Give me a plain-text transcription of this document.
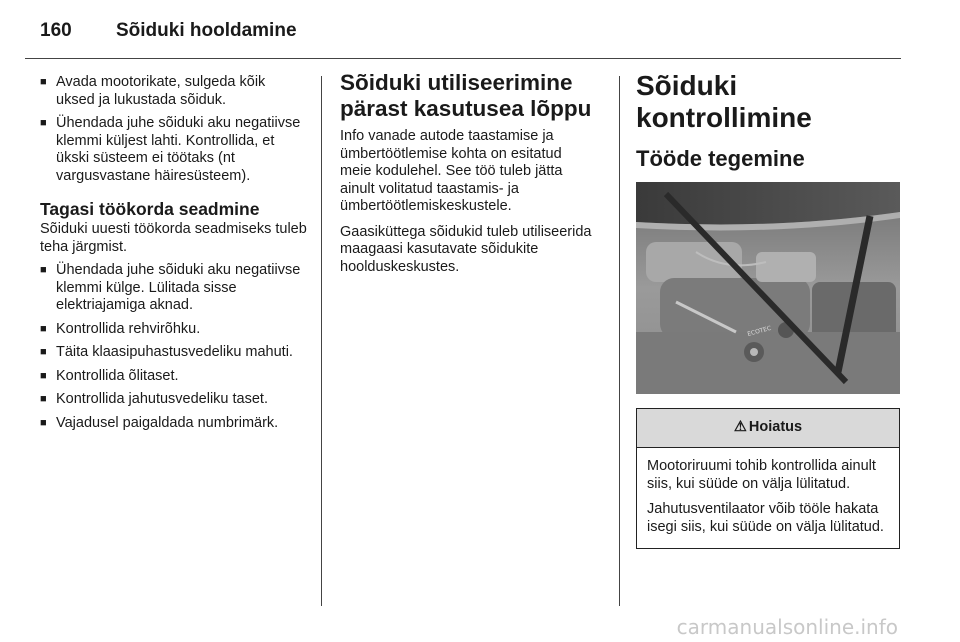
160	Sõiduki hooldamine
■ Avada mootorikate, sulgeda kõik uksed ja lukustada sõiduk.
■ Ühendada juhe sõiduki aku negatiivse klemmi küljest lahti. Kontrollida, et ükski süsteem ei töötaks (nt vargusvastane häiresüsteem).
Tagasi töökorda seadmine
Sõiduki uuesti töökorda seadmiseks tuleb teha järgmist.
■ Ühendada juhe sõiduki aku negatiivse klemmi külge. Lülitada sisse elektriajamiga aknad.
■ Kontrollida rehvirõhku.
■ Täita klaasipuhastusvedeliku mahuti.
■ Kontrollida õlitaset.
■ Kontrollida jahutusvedeliku taset.
■ Vajadusel paigaldada numbrimärk.
Sõiduki utiliseerimine pärast kasutusea lõppu
Info vanade autode taastamise ja ümbertöötlemise kohta on esitatud meie kodulehel. See töö tuleb jätta ainult volitatud taastamis- ja ümbertöötlemiskeskustele.
Gaasiküttega sõidukid tuleb utiliseerida maagaasi kasutavate sõidukite hoolduskeskustes.
Sõiduki kontrollimine
Tööde tegemine
ECOTEC
⚠ Hoiatus
Mootoriruumi tohib kontrollida ainult siis, kui süüde on välja lülitatud.
Jahutusventilaator võib tööle hakata isegi siis, kui süüde on välja lülitatud.
carmanualsonline.info
